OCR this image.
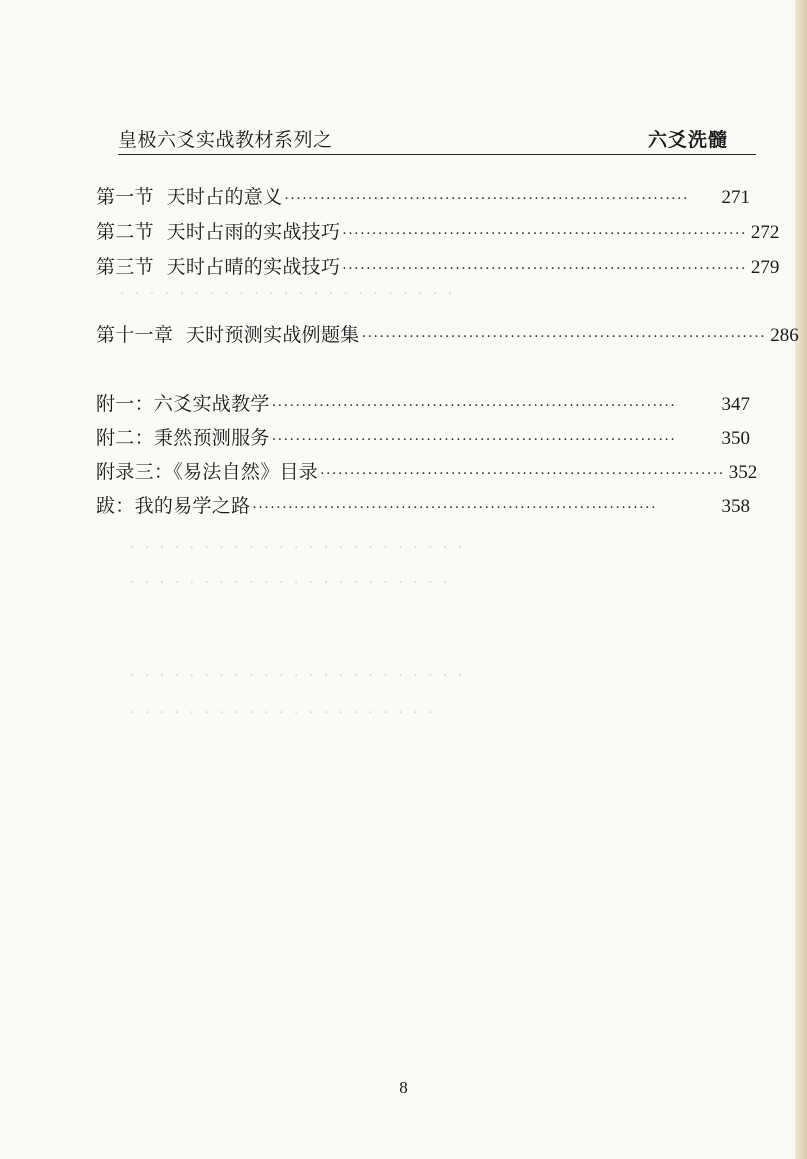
· · · · · · · · · · · · · · · · · · · · · · ·
· · · · · · · · · · · · · · · · · · · · · · ·
· · · · · · · · · · · · · · · · · · · · · ·
· · · · · · · · · · · · · · · · · · · · · · ·
· · · · · · · · · · · · · · · · · · · · ·
皇极六爻实战教材系列之	六爻洗髓
第一节  天时占的意义 ····································································	271
第二节  天时占雨的实战技巧 ···································································· 272
第三节  天时占晴的实战技巧 ···································································· 279
第十一章  天时预测实战例题集 ···································································· 286
附一：六爻实战教学 ····································································	347
附二：秉然预测服务 ····································································	350
附录三：《易法自然》目录 ···································································· 352
跋：我的易学之路 ····································································	358
8
